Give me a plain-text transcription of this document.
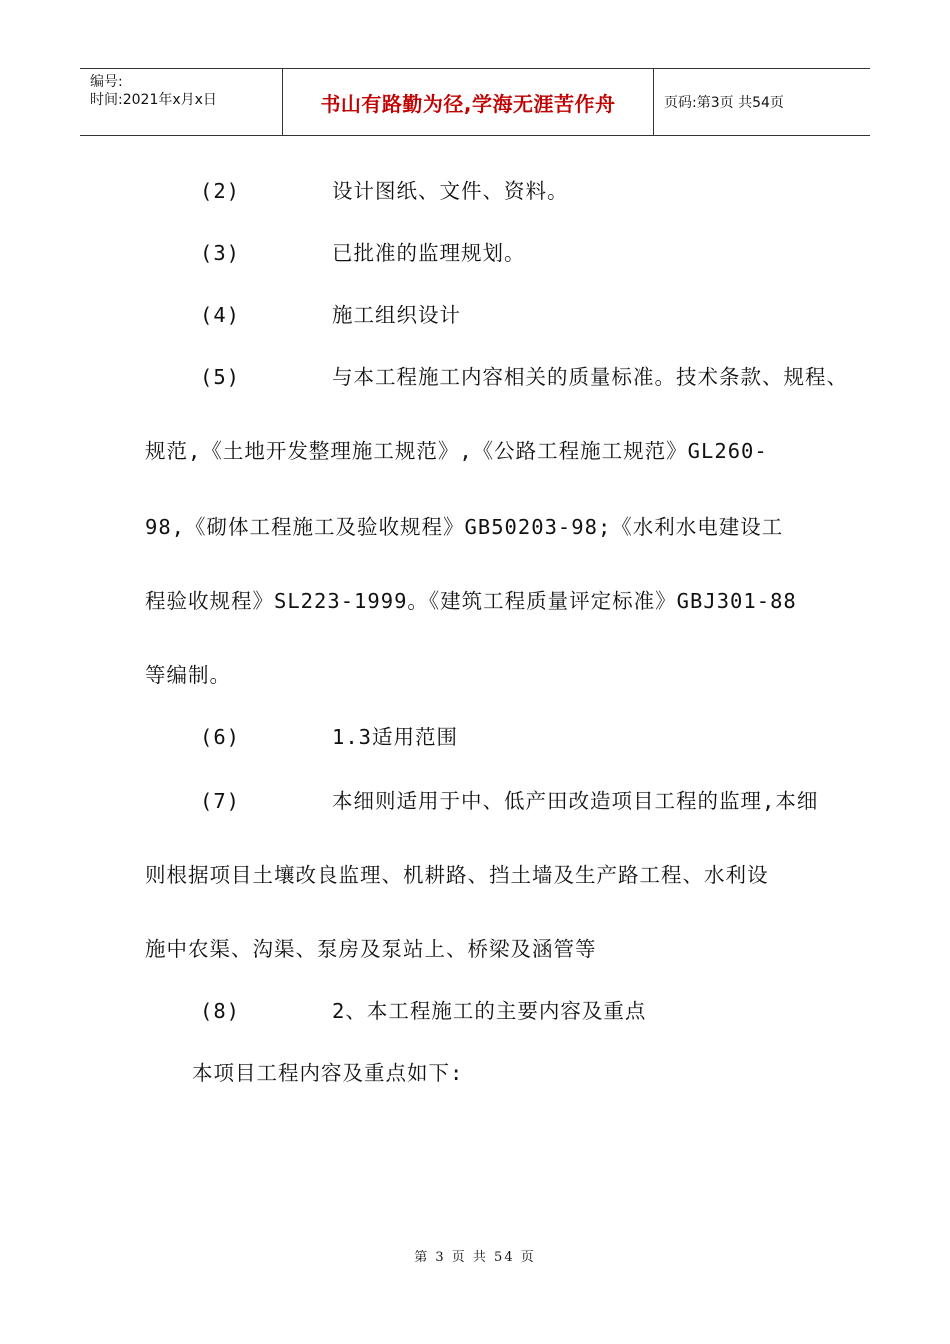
编号:
时间:2021年x月x日	书山有路勤为径,学海无涯苦作舟	页码:第3页 共54页
(2)	设计图纸、文件、资料。
(3)	已批准的监理规划。
(4)	施工组织设计
(5)	与本工程施工内容相关的质量标准。技术条款、规程、
规范,《土地开发整理施工规范》,《公路工程施工规范》GL260-
98,《砌体工程施工及验收规程》GB50203-98;《水利水电建设工
程验收规程》SL223-1999。《建筑工程质量评定标准》GBJ301-88
等编制。
(6)	1.3适用范围
(7)	本细则适用于中、低产田改造项目工程的监理,本细
则根据项目土壤改良监理、机耕路、挡土墙及生产路工程、水利设
施中农渠、沟渠、泵房及泵站上、桥梁及涵管等
(8)	2、本工程施工的主要内容及重点
本项目工程内容及重点如下:
第 3 页 共 54 页
